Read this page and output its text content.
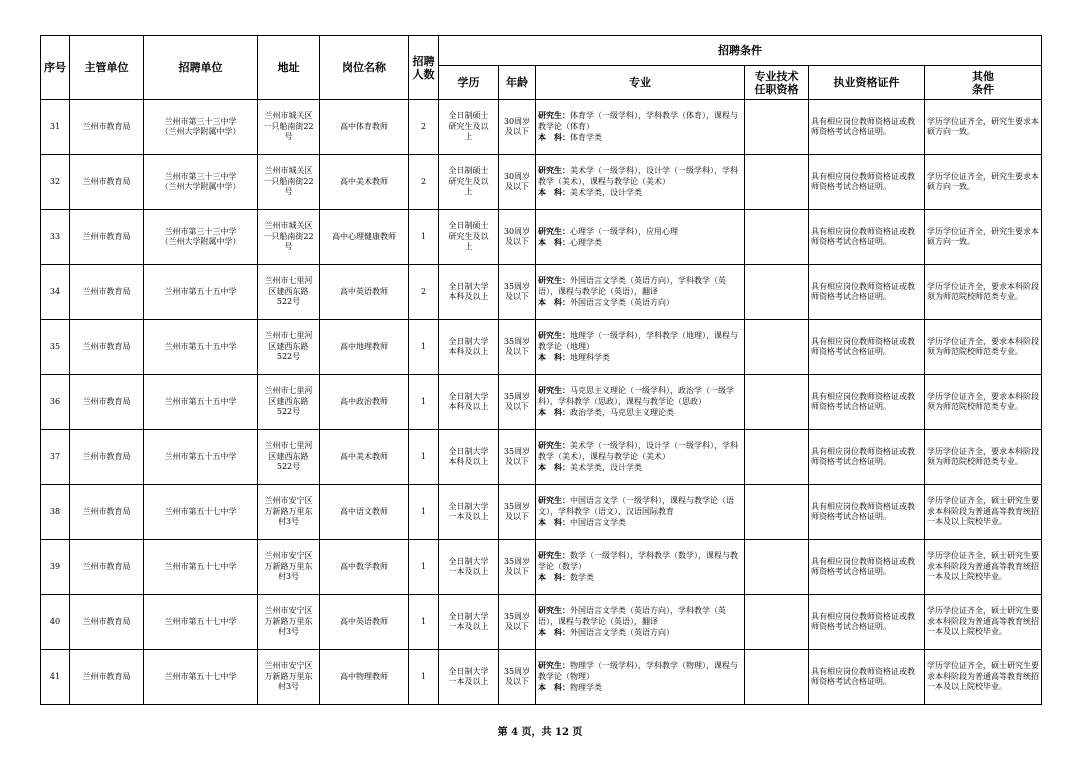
序号	主管单位	招聘单位	地址	岗位名称	招聘
人数	招聘条件					
						学历	年龄	专业	专业技术
任职资格	执业资格证件	其他
条件
31	兰州市教育局	兰州市第三十三中学
（兰州大学附属中学）	兰州市城关区
一只船南街22
号	高中体育教师	2	全日制硕士
研究生及以
上	30周岁
及以下	研究生：体育学（一级学科），学科教学（体育），课程与教学论（体育）
本　科：体育学类		具有相应岗位教师资格证或教师资格考试合格证明。	学历学位证齐全，研究生要求本硕方向一致。
32	兰州市教育局	兰州市第三十三中学
（兰州大学附属中学）	兰州市城关区
一只船南街22
号	高中美术教师	2	全日制硕士
研究生及以
上	30周岁
及以下	研究生：美术学（一级学科），设计学（一级学科），学科教学（美术），课程与教学论（美术）
本　科：美术学类，设计学类		具有相应岗位教师资格证或教师资格考试合格证明。	学历学位证齐全，研究生要求本硕方向一致。
33	兰州市教育局	兰州市第三十三中学
（兰州大学附属中学）	兰州市城关区
一只船南街22
号	高中心理健康教师	1	全日制硕士
研究生及以
上	30周岁
及以下	研究生：心理学（一级学科），应用心理
本　科：心理学类		具有相应岗位教师资格证或教师资格考试合格证明。	学历学位证齐全，研究生要求本硕方向一致。
34	兰州市教育局	兰州市第五十五中学	兰州市七里河
区建西东路
522号	高中英语教师	2	全日制大学
本科及以上	35周岁
及以下	研究生：外国语言文学类（英语方向），学科教学（英语），课程与教学论（英语），翻译
本　科：外国语言文学类（英语方向）		具有相应岗位教师资格证或教师资格考试合格证明。	学历学位证齐全，要求本科阶段须为师范院校师范类专业。
35	兰州市教育局	兰州市第五十五中学	兰州市七里河
区建西东路
522号	高中地理教师	1	全日制大学
本科及以上	35周岁
及以下	研究生：地理学（一级学科），学科教学（地理），课程与教学论（地理）
本　科：地理科学类		具有相应岗位教师资格证或教师资格考试合格证明。	学历学位证齐全，要求本科阶段须为师范院校师范类专业。
36	兰州市教育局	兰州市第五十五中学	兰州市七里河
区建西东路
522号	高中政治教师	1	全日制大学
本科及以上	35周岁
及以下	研究生：马克思主义理论（一级学科），政治学（一级学科），学科教学（思政），课程与教学论（思政）
本　科：政治学类，马克思主义理论类		具有相应岗位教师资格证或教师资格考试合格证明。	学历学位证齐全，要求本科阶段须为师范院校师范类专业。
37	兰州市教育局	兰州市第五十五中学	兰州市七里河
区建西东路
522号	高中美术教师	1	全日制大学
本科及以上	35周岁
及以下	研究生：美术学（一级学科），设计学（一级学科），学科教学（美术），课程与教学论（美术）
本　科：美术学类，设计学类		具有相应岗位教师资格证或教师资格考试合格证明。	学历学位证齐全，要求本科阶段须为师范院校师范类专业。
38	兰州市教育局	兰州市第五十七中学	兰州市安宁区
万新路万里东
村3号	高中语文教师	1	全日制大学
一本及以上	35周岁
及以下	研究生：中国语言文学（一级学科），课程与教学论（语文），学科教学（语文），汉语国际教育
本　科：中国语言文学类		具有相应岗位教师资格证或教师资格考试合格证明。	学历学位证齐全，硕士研究生要求本科阶段为普通高等教育统招一本及以上院校毕业。
39	兰州市教育局	兰州市第五十七中学	兰州市安宁区
万新路万里东
村3号	高中数学教师	1	全日制大学
一本及以上	35周岁
及以下	研究生：数学（一级学科），学科教学（数学），课程与教学论（数学）
本　科：数学类		具有相应岗位教师资格证或教师资格考试合格证明。	学历学位证齐全，硕士研究生要求本科阶段为普通高等教育统招一本及以上院校毕业。
40	兰州市教育局	兰州市第五十七中学	兰州市安宁区
万新路万里东
村3号	高中英语教师	1	全日制大学
一本及以上	35周岁
及以下	研究生：外国语言文学类（英语方向），学科教学（英语），课程与教学论（英语），翻译
本　科：外国语言文学类（英语方向）		具有相应岗位教师资格证或教师资格考试合格证明。	学历学位证齐全，硕士研究生要求本科阶段为普通高等教育统招一本及以上院校毕业。
41	兰州市教育局	兰州市第五十七中学	兰州市安宁区
万新路万里东
村3号	高中物理教师	1	全日制大学
一本及以上	35周岁
及以下	研究生：物理学（一级学科），学科教学（物理），课程与教学论（物理）
本　科：物理学类		具有相应岗位教师资格证或教师资格考试合格证明。	学历学位证齐全，硕士研究生要求本科阶段为普通高等教育统招一本及以上院校毕业。
第 4 页，共 12 页
